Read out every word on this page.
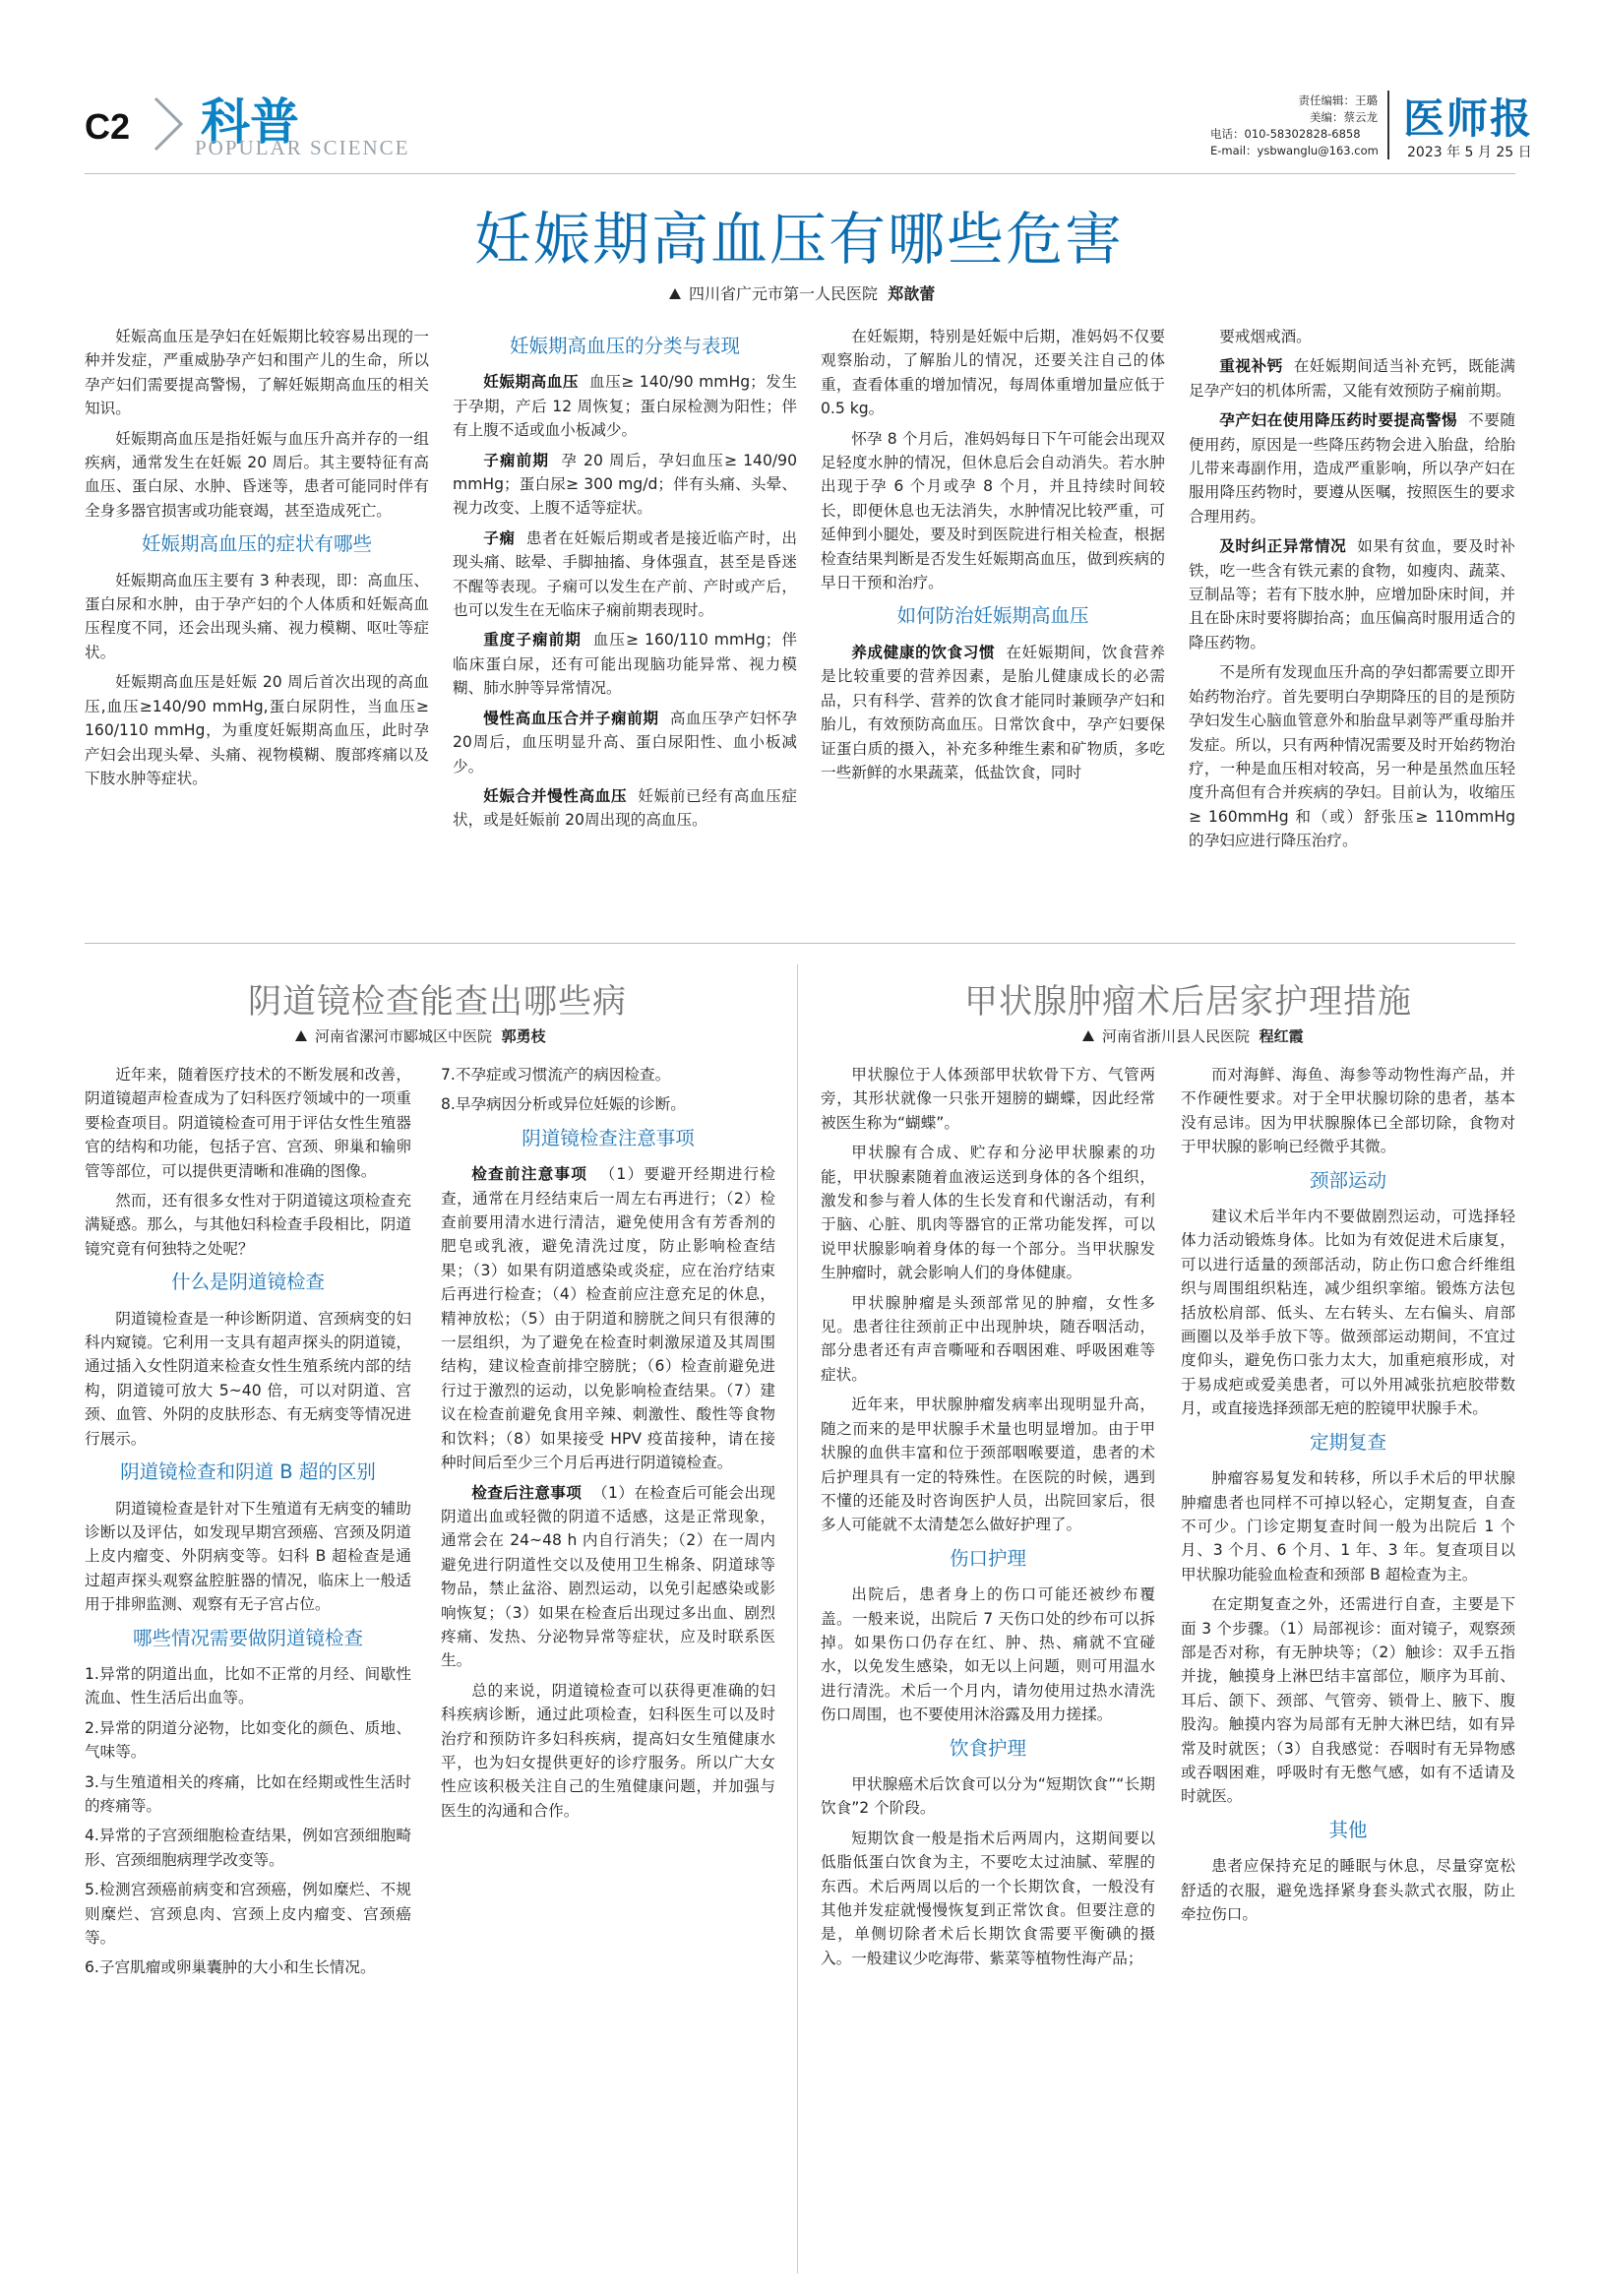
C2 科普
POPULAR SCIENCE
责任编辑：王璐
美编：蔡云龙
电话：010-58302828-6858
E-mail：ysbwanglu@163.com
医师报
2023 年 5 月 25 日
妊娠期高血压有哪些危害
四川省广元市第一人民医院 郑歆蕾

妊娠高血压是孕妇在妊娠期比较容易出现的一种并发症，严重威胁孕产妇和围产儿的生命，所以孕产妇们需要提高警惕，了解妊娠期高血压的相关知识。

妊娠期高血压是指妊娠与血压升高并存的一组疾病，通常发生在妊娠 20 周后。其主要特征有高血压、蛋白尿、水肿、昏迷等，患者可能同时伴有全身多器官损害或功能衰竭，甚至造成死亡。

妊娠期高血压的症状有哪些

妊娠期高血压主要有 3 种表现，即：高血压、蛋白尿和水肿，由于孕产妇的个人体质和妊娠高血压程度不同，还会出现头痛、视力模糊、呕吐等症状。

妊娠期高血压是妊娠 20 周后首次出现的高血压,血压≥140/90 mmHg,蛋白尿阴性，当血压≥ 160/110 mmHg，为重度妊娠期高血压，此时孕产妇会出现头晕、头痛、视物模糊、腹部疼痛以及下肢水肿等症状。

妊娠期高血压的分类与表现

妊娠期高血压 血压≥ 140/90 mmHg；发生于孕期，产后 12 周恢复；蛋白尿检测为阳性；伴有上腹不适或血小板减少。

子痫前期 孕 20 周后，孕妇血压≥ 140/90 mmHg；蛋白尿≥ 300 mg/d；伴有头痛、头晕、视力改变、上腹不适等症状。

子痫 患者在妊娠后期或者是接近临产时，出现头痛、眩晕、手脚抽搐、身体强直，甚至是昏迷不醒等表现。子痫可以发生在产前、产时或产后，也可以发生在无临床子痫前期表现时。

重度子痫前期 血压≥ 160/110 mmHg；伴临床蛋白尿，还有可能出现脑功能异常、视力模糊、肺水肿等异常情况。

慢性高血压合并子痫前期 高血压孕产妇怀孕 20周后，血压明显升高、蛋白尿阳性、血小板减少。

妊娠合并慢性高血压 妊娠前已经有高血压症状，或是妊娠前 20周出现的高血压。

在妊娠期，特别是妊娠中后期，准妈妈不仅要观察胎动，了解胎儿的情况，还要关注自己的体重，查看体重的增加情况，每周体重增加量应低于 0.5 kg。

怀孕 8 个月后，准妈妈每日下午可能会出现双足轻度水肿的情况，但休息后会自动消失。若水肿出现于孕 6 个月或孕 8 个月，并且持续时间较长，即便休息也无法消失，水肿情况比较严重，可延伸到小腿处，要及时到医院进行相关检查，根据检查结果判断是否发生妊娠期高血压，做到疾病的早日干预和治疗。

如何防治妊娠期高血压

养成健康的饮食习惯 在妊娠期间，饮食营养是比较重要的营养因素，是胎儿健康成长的必需品，只有科学、营养的饮食才能同时兼顾孕产妇和胎儿，有效预防高血压。日常饮食中，孕产妇要保证蛋白质的摄入，补充多种维生素和矿物质，多吃一些新鲜的水果蔬菜，低盐饮食，同时

要戒烟戒酒。

重视补钙 在妊娠期间适当补充钙，既能满足孕产妇的机体所需，又能有效预防子痫前期。

孕产妇在使用降压药时要提高警惕 不要随便用药，原因是一些降压药物会进入胎盘，给胎儿带来毒副作用，造成严重影响，所以孕产妇在服用降压药物时，要遵从医嘱，按照医生的要求合理用药。

及时纠正异常情况 如果有贫血，要及时补铁，吃一些含有铁元素的食物，如瘦肉、蔬菜、豆制品等；若有下肢水肿，应增加卧床时间，并且在卧床时要将脚抬高；血压偏高时服用适合的降压药物。

不是所有发现血压升高的孕妇都需要立即开始药物治疗。首先要明白孕期降压的目的是预防孕妇发生心脑血管意外和胎盘早剥等严重母胎并发症。所以，只有两种情况需要及时开始药物治疗，一种是血压相对较高，另一种是虽然血压轻度升高但有合并疾病的孕妇。目前认为，收缩压≥ 160mmHg 和（或）舒张压≥ 110mmHg 的孕妇应进行降压治疗。

阴道镜检查能查出哪些病
河南省漯河市郾城区中医院 郭勇枝

近年来，随着医疗技术的不断发展和改善，阴道镜超声检查成为了妇科医疗领域中的一项重要检查项目。阴道镜检查可用于评估女性生殖器官的结构和功能，包括子宫、宫颈、卵巢和输卵管等部位，可以提供更清晰和准确的图像。

然而，还有很多女性对于阴道镜这项检查充满疑惑。那么，与其他妇科检查手段相比，阴道镜究竟有何独特之处呢？

什么是阴道镜检查

阴道镜检查是一种诊断阴道、宫颈病变的妇科内窥镜。它利用一支具有超声探头的阴道镜，通过插入女性阴道来检查女性生殖系统内部的结构，阴道镜可放大 5~40 倍，可以对阴道、宫颈、血管、外阴的皮肤形态、有无病变等情况进行展示。

阴道镜检查和阴道 B 超的区别

阴道镜检查是针对下生殖道有无病变的辅助诊断以及评估，如发现早期宫颈癌、宫颈及阴道上皮内瘤变、外阴病变等。妇科 B 超检查是通过超声探头观察盆腔脏器的情况，临床上一般适用于排卵监测、观察有无子宫占位。

哪些情况需要做阴道镜检查

1.异常的阴道出血，比如不正常的月经、间歇性流血、性生活后出血等。

2.异常的阴道分泌物，比如变化的颜色、质地、气味等。

3.与生殖道相关的疼痛，比如在经期或性生活时的疼痛等。

4.异常的子宫颈细胞检查结果，例如宫颈细胞畸形、宫颈细胞病理学改变等。

5.检测宫颈癌前病变和宫颈癌，例如糜烂、不规则糜烂、宫颈息肉、宫颈上皮内瘤变、宫颈癌等。

6.子宫肌瘤或卵巢囊肿的大小和生长情况。

7.不孕症或习惯流产的病因检查。

8.早孕病因分析或异位妊娠的诊断。

阴道镜检查注意事项

检查前注意事项 （1）要避开经期进行检查，通常在月经结束后一周左右再进行；（2）检查前要用清水进行清洁，避免使用含有芳香剂的肥皂或乳液，避免清洗过度，防止影响检查结果；（3）如果有阴道感染或炎症，应在治疗结束后再进行检查；（4）检查前应注意充足的休息，精神放松；（5）由于阴道和膀胱之间只有很薄的一层组织，为了避免在检查时刺激尿道及其周围结构，建议检查前排空膀胱；（6）检查前避免进行过于激烈的运动，以免影响检查结果。（7）建议在检查前避免食用辛辣、刺激性、酸性等食物和饮料；（8）如果接受 HPV 疫苗接种，请在接种时间后至少三个月后再进行阴道镜检查。

检查后注意事项 （1）在检查后可能会出现阴道出血或轻微的阴道不适感，这是正常现象，通常会在 24~48 h 内自行消失；（2）在一周内避免进行阴道性交以及使用卫生棉条、阴道球等物品，禁止盆浴、剧烈运动，以免引起感染或影响恢复；（3）如果在检查后出现过多出血、剧烈疼痛、发热、分泌物异常等症状，应及时联系医生。

总的来说，阴道镜检查可以获得更准确的妇科疾病诊断，通过此项检查，妇科医生可以及时治疗和预防许多妇科疾病，提高妇女生殖健康水平，也为妇女提供更好的诊疗服务。所以广大女性应该积极关注自己的生殖健康问题，并加强与医生的沟通和合作。

甲状腺肿瘤术后居家护理措施
河南省浙川县人民医院 程红霞

甲状腺位于人体颈部甲状软骨下方、气管两旁，其形状就像一只张开翅膀的蝴蝶，因此经常被医生称为“蝴蝶”。

甲状腺有合成、贮存和分泌甲状腺素的功能，甲状腺素随着血液运送到身体的各个组织，激发和参与着人体的生长发育和代谢活动，有利于脑、心脏、肌肉等器官的正常功能发挥，可以说甲状腺影响着身体的每一个部分。当甲状腺发生肿瘤时，就会影响人们的身体健康。

甲状腺肿瘤是头颈部常见的肿瘤，女性多见。患者往往颈前正中出现肿块，随吞咽活动，部分患者还有声音嘶哑和吞咽困难、呼吸困难等症状。

近年来，甲状腺肿瘤发病率出现明显升高，随之而来的是甲状腺手术量也明显增加。由于甲状腺的血供丰富和位于颈部咽喉要道，患者的术后护理具有一定的特殊性。在医院的时候，遇到不懂的还能及时咨询医护人员，出院回家后，很多人可能就不太清楚怎么做好护理了。

伤口护理

出院后，患者身上的伤口可能还被纱布覆盖。一般来说，出院后 7 天伤口处的纱布可以拆掉。如果伤口仍存在红、肿、热、痛就不宜碰水，以免发生感染，如无以上问题，则可用温水进行清洗。术后一个月内，请勿使用过热水清洗伤口周围，也不要使用沐浴露及用力搓揉。

饮食护理

甲状腺癌术后饮食可以分为“短期饮食”“长期饮食”2 个阶段。

短期饮食一般是指术后两周内，这期间要以低脂低蛋白饮食为主，不要吃太过油腻、荤腥的东西。术后两周以后的一个长期饮食，一般没有其他并发症就慢慢恢复到正常饮食。但要注意的是，单侧切除者术后长期饮食需要平衡碘的摄入。一般建议少吃海带、紫菜等植物性海产品；

而对海鲜、海鱼、海参等动物性海产品，并不作硬性要求。对于全甲状腺切除的患者，基本没有忌讳。因为甲状腺腺体已全部切除，食物对于甲状腺的影响已经微乎其微。

颈部运动

建议术后半年内不要做剧烈运动，可选择轻体力活动锻炼身体。比如为有效促进术后康复，可以进行适量的颈部活动，防止伤口愈合纤维组织与周围组织粘连，减少组织挛缩。锻炼方法包括放松肩部、低头、左右转头、左右偏头、肩部画圈以及举手放下等。做颈部运动期间，不宜过度仰头，避免伤口张力太大，加重疤痕形成，对于易成疤或爱美患者，可以外用减张抗疤胶带数月，或直接选择颈部无疤的腔镜甲状腺手术。

定期复查

肿瘤容易复发和转移，所以手术后的甲状腺肿瘤患者也同样不可掉以轻心，定期复查，自查不可少。门诊定期复查时间一般为出院后 1 个月、3 个月、6 个月、1 年、3 年。复查项目以甲状腺功能验血检查和颈部 B 超检查为主。

在定期复查之外，还需进行自查，主要是下面 3 个步骤。（1）局部视诊：面对镜子，观察颈部是否对称，有无肿块等；（2）触诊：双手五指并拢，触摸身上淋巴结丰富部位，顺序为耳前、耳后、颌下、颈部、气管旁、锁骨上、腋下、腹股沟。触摸内容为局部有无肿大淋巴结，如有异常及时就医；（3）自我感觉：吞咽时有无异物感或吞咽困难，呼吸时有无憋气感，如有不适请及时就医。

其他

患者应保持充足的睡眠与休息，尽量穿宽松舒适的衣服，避免选择紧身套头款式衣服，防止牵拉伤口。
